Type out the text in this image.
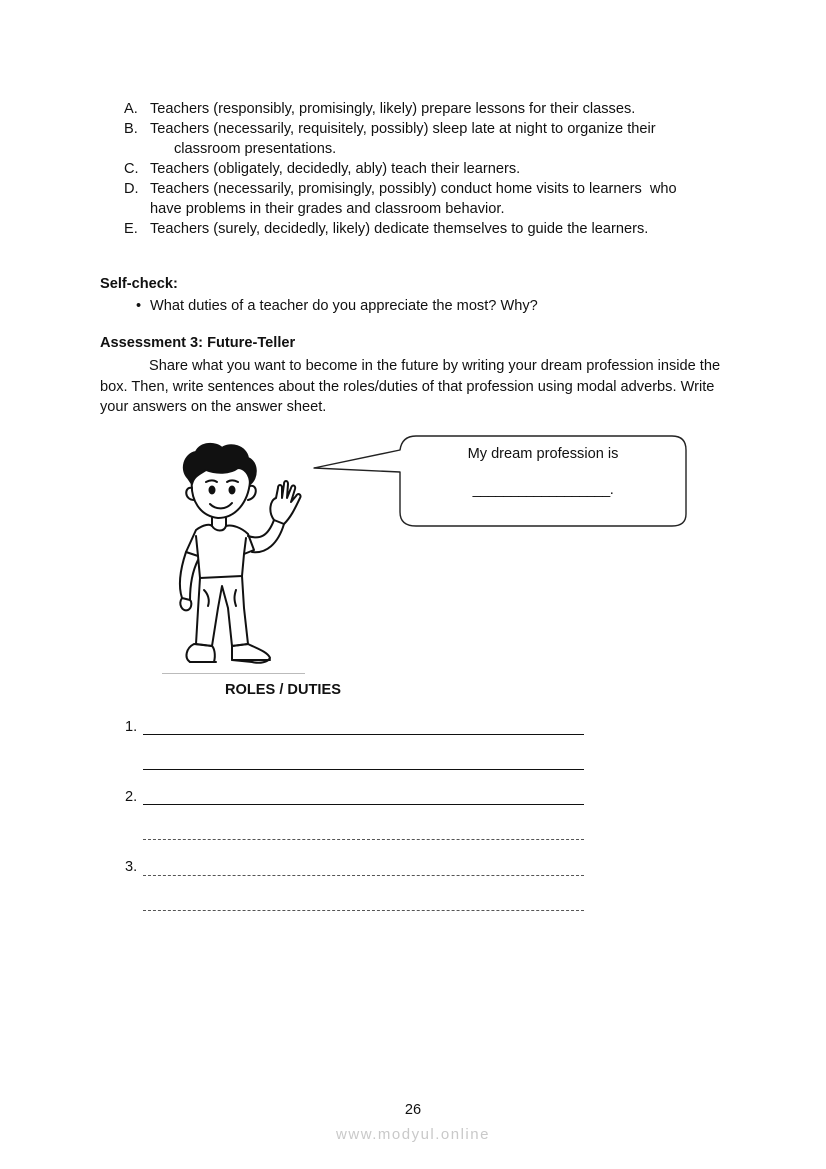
A. Teachers (responsibly, promisingly, likely) prepare lessons for their classes.
B. Teachers (necessarily, requisitely, possibly) sleep late at night to organize their
classroom presentations.
C. Teachers (obligately, decidedly, ably) teach their learners.
D. Teachers (necessarily, promisingly, possibly) conduct home visits to learners  who
have problems in their grades and classroom behavior.
E. Teachers (surely, decidedly, likely) dedicate themselves to guide the learners.
Self-check:
• What duties of a teacher do you appreciate the most? Why?
Assessment 3: Future-Teller
Share what you want to become in the future by writing your dream profession inside the box. Then, write sentences about the roles/duties of that profession using modal adverbs. Write your answers on the answer sheet.
My dream profession is
__________________.
ROLES / DUTIES
1.
2.
3.
26
www.modyul.online
